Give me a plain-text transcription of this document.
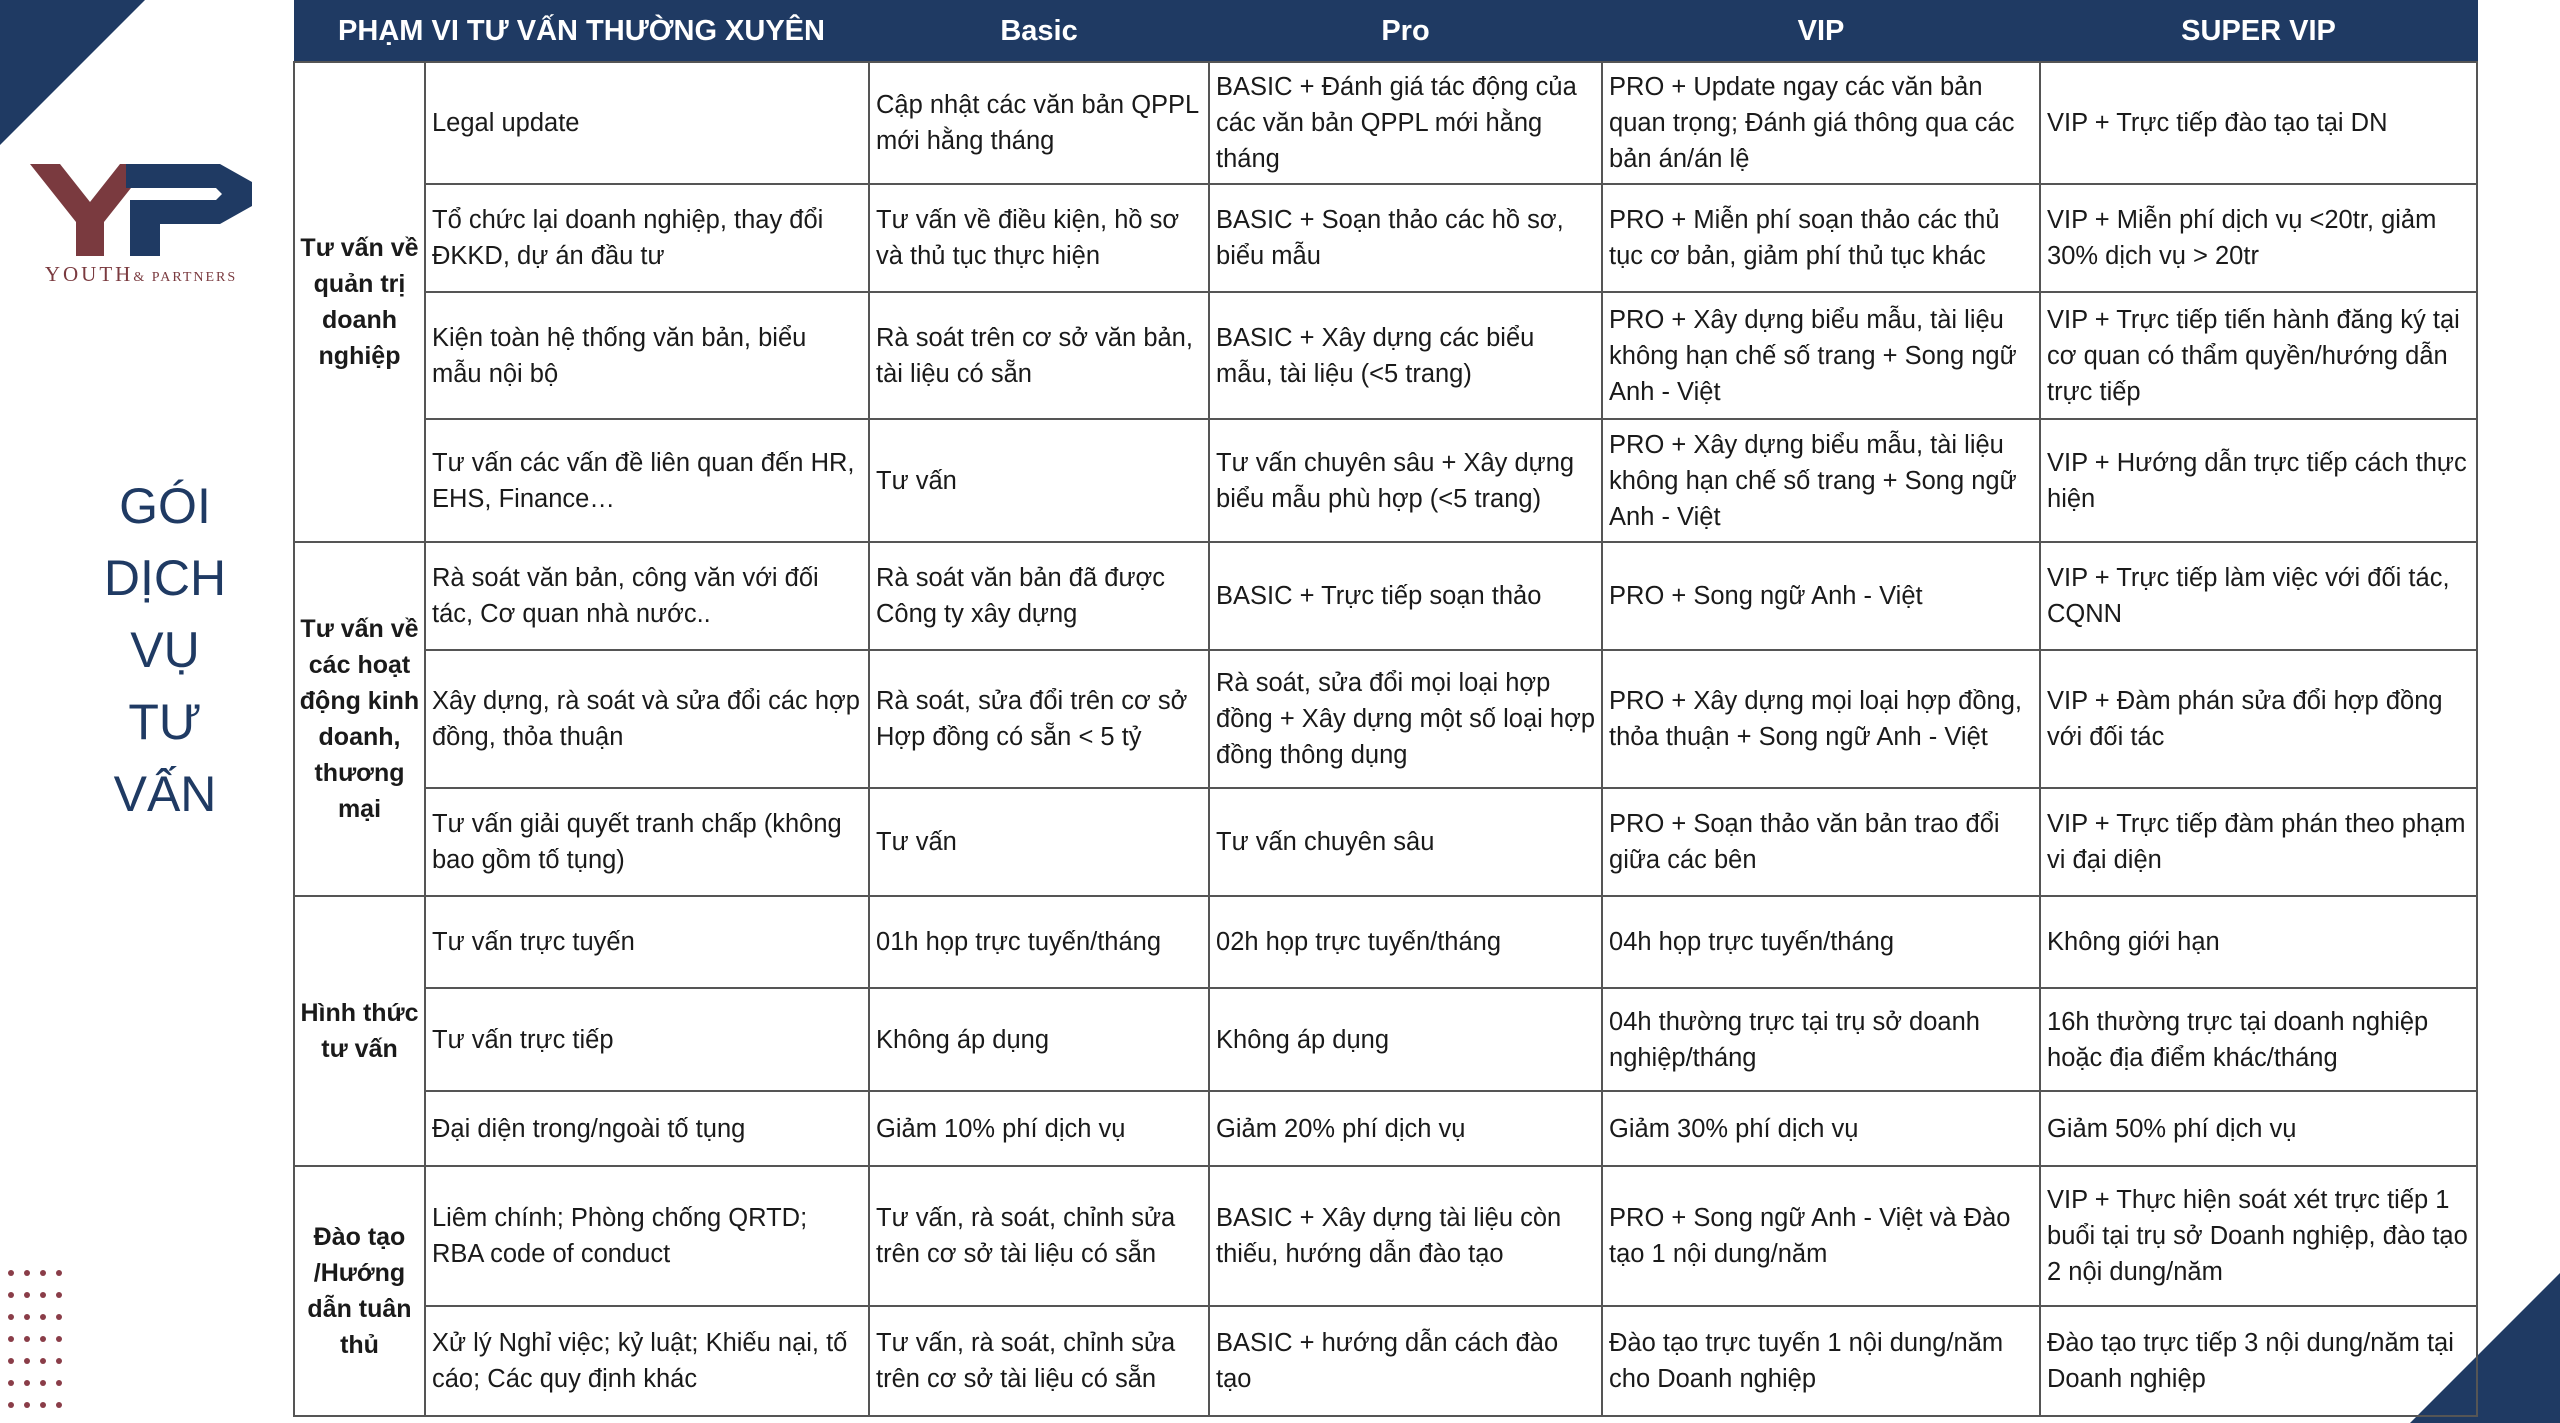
YOUTH& PARTNERS
GÓI
DỊCH
VỤ
TƯ
VẤN
PHẠM VI TƯ VẤN THƯỜNG XUYÊN		Basic	Pro	VIP	SUPER VIP
Tư vấn về quản trị doanh nghiệp	Legal update	Cập nhật các văn bản QPPL mới hằng tháng	BASIC + Đánh giá tác động của các văn bản QPPL mới hằng tháng	PRO + Update ngay các văn bản quan trọng; Đánh giá thông qua các bản án/án lệ	VIP + Trực tiếp đào tạo tại DN
	Tổ chức lại doanh nghiệp, thay đổi ĐKKD, dự án đầu tư	Tư vấn về điều kiện, hồ sơ và thủ tục thực hiện	BASIC + Soạn thảo các hồ sơ, biểu mẫu	PRO + Miễn phí soạn thảo các thủ tục cơ bản, giảm phí thủ tục khác	VIP + Miễn phí dịch vụ <20tr, giảm 30% dịch vụ > 20tr
	Kiện toàn hệ thống văn bản, biểu mẫu nội bộ	Rà soát trên cơ sở văn bản, tài liệu có sẵn	BASIC + Xây dựng các biểu mẫu, tài liệu (<5 trang)	PRO + Xây dựng biểu mẫu, tài liệu không hạn chế số trang + Song ngữ Anh - Việt	VIP + Trực tiếp tiến hành đăng ký tại cơ quan có thẩm quyền/hướng dẫn trực tiếp
	Tư vấn các vấn đề liên quan đến HR, EHS, Finance…	Tư vấn	Tư vấn chuyên sâu + Xây dựng biểu mẫu phù hợp (<5 trang)	PRO + Xây dựng biểu mẫu, tài liệu không hạn chế số trang + Song ngữ Anh - Việt	VIP + Hướng dẫn trực tiếp cách thực hiện
Tư vấn về các hoạt động kinh doanh, thương mại	Rà soát văn bản, công văn với đối tác, Cơ quan nhà nước..	Rà soát văn bản đã được Công ty xây dựng	BASIC + Trực tiếp soạn thảo	PRO + Song ngữ Anh - Việt	VIP + Trực tiếp làm việc với đối tác, CQNN
	Xây dựng, rà soát và sửa đổi các hợp đồng, thỏa thuận	Rà soát, sửa đổi trên cơ sở Hợp đồng có sẵn < 5 tỷ	Rà soát, sửa đổi mọi loại hợp đồng + Xây dựng một số loại hợp đồng thông dụng	PRO + Xây dựng mọi loại hợp đồng, thỏa thuận + Song ngữ Anh - Việt	VIP + Đàm phán sửa đổi hợp đồng với đối tác
	Tư vấn giải quyết tranh chấp (không bao gồm tố tụng)	Tư vấn	Tư vấn chuyên sâu	PRO + Soạn thảo văn bản trao đổi giữa các bên	VIP + Trực tiếp đàm phán theo phạm vi đại diện
Hình thức tư vấn	Tư vấn trực tuyến	01h họp trực tuyến/tháng	02h họp trực tuyến/tháng	04h họp trực tuyến/tháng	Không giới hạn
	Tư vấn trực tiếp	Không áp dụng	Không áp dụng	04h thường trực tại trụ sở doanh nghiệp/tháng	16h thường trực tại doanh nghiệp hoặc địa điểm khác/tháng
	Đại diện trong/ngoài tố tụng	Giảm 10% phí dịch vụ	Giảm 20% phí dịch vụ	Giảm 30% phí dịch vụ	Giảm 50% phí dịch vụ
Đào tạo /Hướng dẫn tuân thủ	Liêm chính; Phòng chống QRTD; RBA code of conduct	Tư vấn, rà soát, chỉnh sửa trên cơ sở tài liệu có sẵn	BASIC + Xây dựng tài liệu còn thiếu, hướng dẫn đào tạo	PRO + Song ngữ Anh - Việt và Đào tạo 1 nội dung/năm	VIP + Thực hiện soát xét trực tiếp 1 buổi tại trụ sở Doanh nghiệp, đào tạo 2 nội dung/năm
	Xử lý Nghỉ việc; kỷ luật; Khiếu nại, tố cáo; Các quy định khác	Tư vấn, rà soát, chỉnh sửa trên cơ sở tài liệu có sẵn	BASIC + hướng dẫn cách đào tạo	Đào tạo trực tuyến 1 nội dung/năm cho Doanh nghiệp	Đào tạo trực tiếp 3 nội dung/năm tại Doanh nghiệp
